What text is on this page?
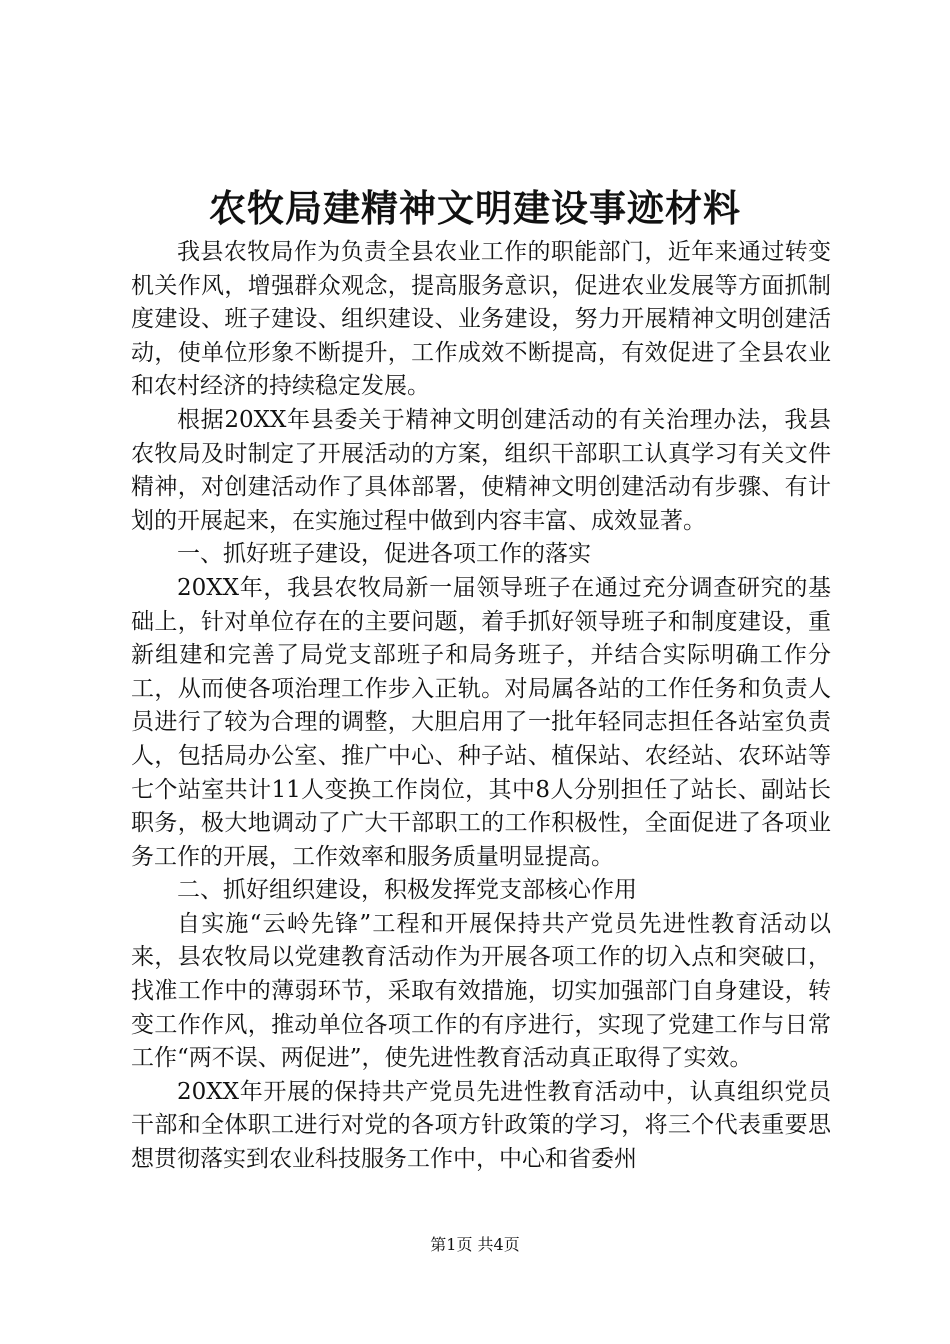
农牧局建精神文明建设事迹材料

我县农牧局作为负责全县农业工作的职能部门，近年来通过转变机关作风，增强群众观念，提高服务意识，促进农业发展等方面抓制度建设、班子建设、组织建设、业务建设，努力开展精神文明创建活动，使单位形象不断提升，工作成效不断提高，有效促进了全县农业和农村经济的持续稳定发展。

根据20XX年县委关于精神文明创建活动的有关治理办法，我县农牧局及时制定了开展活动的方案，组织干部职工认真学习有关文件精神，对创建活动作了具体部署，使精神文明创建活动有步骤、有计划的开展起来，在实施过程中做到内容丰富、成效显著。

一、抓好班子建设，促进各项工作的落实

20XX年，我县农牧局新一届领导班子在通过充分调查研究的基础上，针对单位存在的主要问题，着手抓好领导班子和制度建设，重新组建和完善了局党支部班子和局务班子，并结合实际明确工作分工，从而使各项治理工作步入正轨。对局属各站的工作任务和负责人员进行了较为合理的调整，大胆启用了一批年轻同志担任各站室负责人，包括局办公室、推广中心、种子站、植保站、农经站、农环站等七个站室共计11人变换工作岗位，其中8人分别担任了站长、副站长职务，极大地调动了广大干部职工的工作积极性，全面促进了各项业务工作的开展，工作效率和服务质量明显提高。

二、抓好组织建设，积极发挥党支部核心作用

自实施“云岭先锋”工程和开展保持共产党员先进性教育活动以来，县农牧局以党建教育活动作为开展各项工作的切入点和突破口，找准工作中的薄弱环节，采取有效措施，切实加强部门自身建设，转变工作作风，推动单位各项工作的有序进行，实现了党建工作与日常工作“两不误、两促进”，使先进性教育活动真正取得了实效。

20XX年开展的保持共产党员先进性教育活动中，认真组织党员干部和全体职工进行对党的各项方针政策的学习，将三个代表重要思想贯彻落实到农业科技服务工作中，中心和省委州

第1页 共4页
